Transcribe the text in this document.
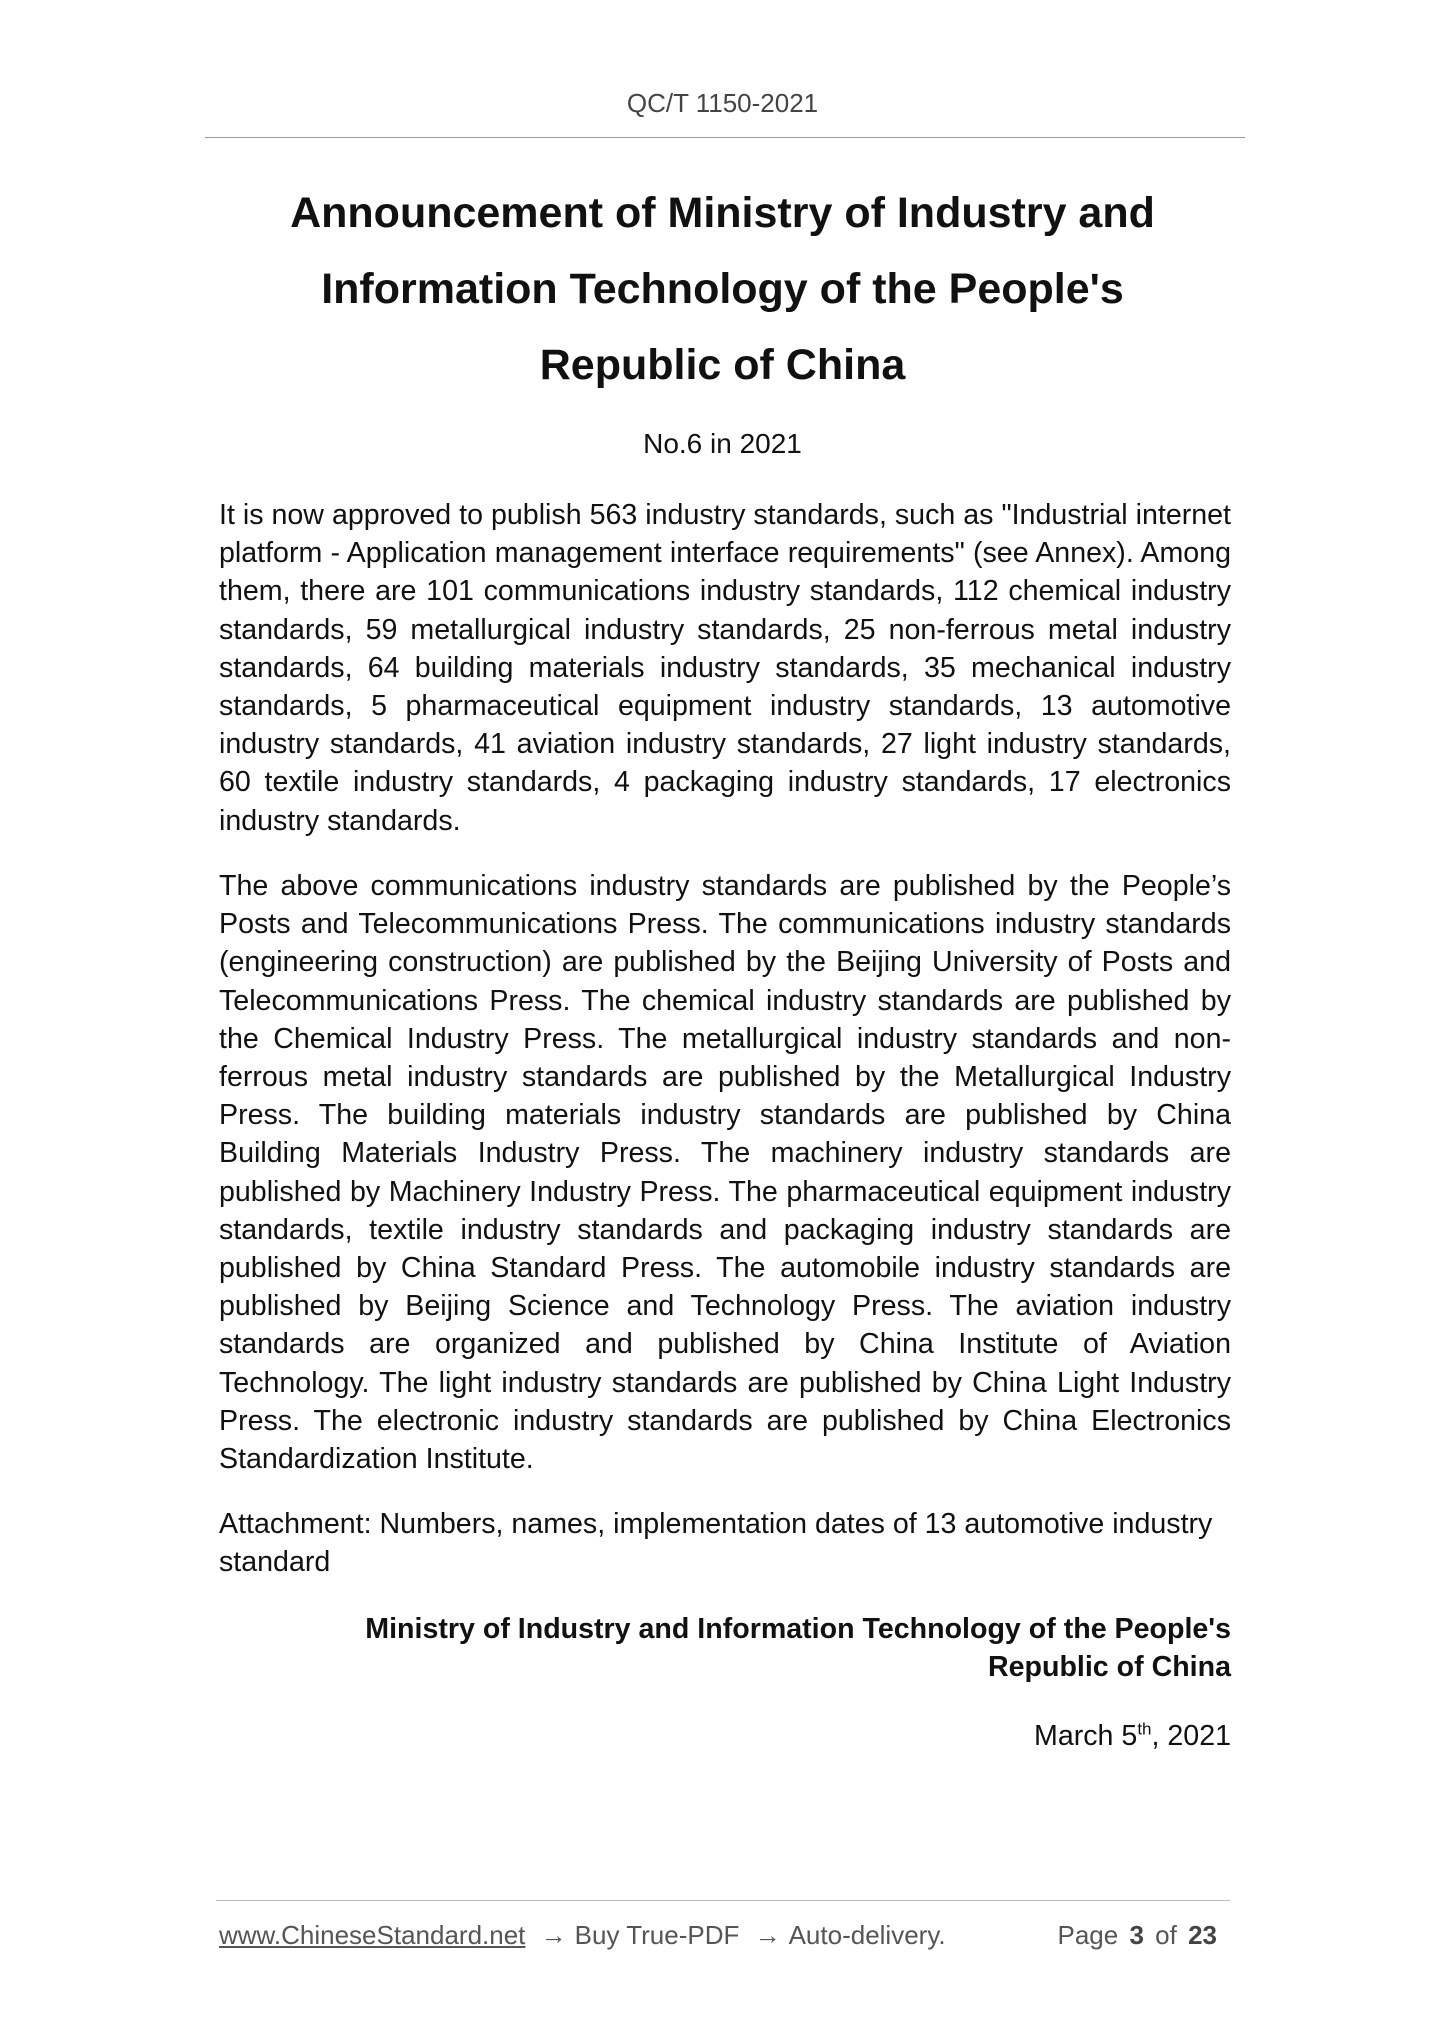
QC/T 1150-2021
Announcement of Ministry of Industry and
Information Technology of the People's
Republic of China
No.6 in 2021

It is now approved to publish 563 industry standards, such as "Industrial internet platform - Application management interface requirements" (see Annex). Among them, there are 101 communications industry standards, 112 chemical industry standards, 59 metallurgical industry standards, 25 non-ferrous metal industry standards, 64 building materials industry standards, 35 mechanical industry standards, 5 pharmaceutical equipment industry standards, 13 automotive industry standards, 41 aviation industry standards, 27 light industry standards, 60 textile industry standards, 4 packaging industry standards, 17 electronics industry standards.

The above communications industry standards are published by the People’s Posts and Telecommunications Press. The communications industry standards (engineering construction) are published by the Beijing University of Posts and Telecommunications Press. The chemical industry standards are published by the Chemical Industry Press. The metallurgical industry standards and non-ferrous metal industry standards are published by the Metallurgical Industry Press. The building materials industry standards are published by China Building Materials Industry Press. The machinery industry standards are published by Machinery Industry Press. The pharmaceutical equipment industry standards, textile industry standards and packaging industry standards are published by China Standard Press. The automobile industry standards are published by Beijing Science and Technology Press. The aviation industry standards are organized and published by China Institute of Aviation Technology. The light industry standards are published by China Light Industry Press. The electronic industry standards are published by China Electronics Standardization Institute.

Attachment: Numbers, names, implementation dates of 13 automotive industry standard

Ministry of Industry and Information Technology of the People's
Republic of China
March 5th, 2021
www.ChineseStandard.net → Buy True-PDF → Auto-delivery.	Page 3 of 23
